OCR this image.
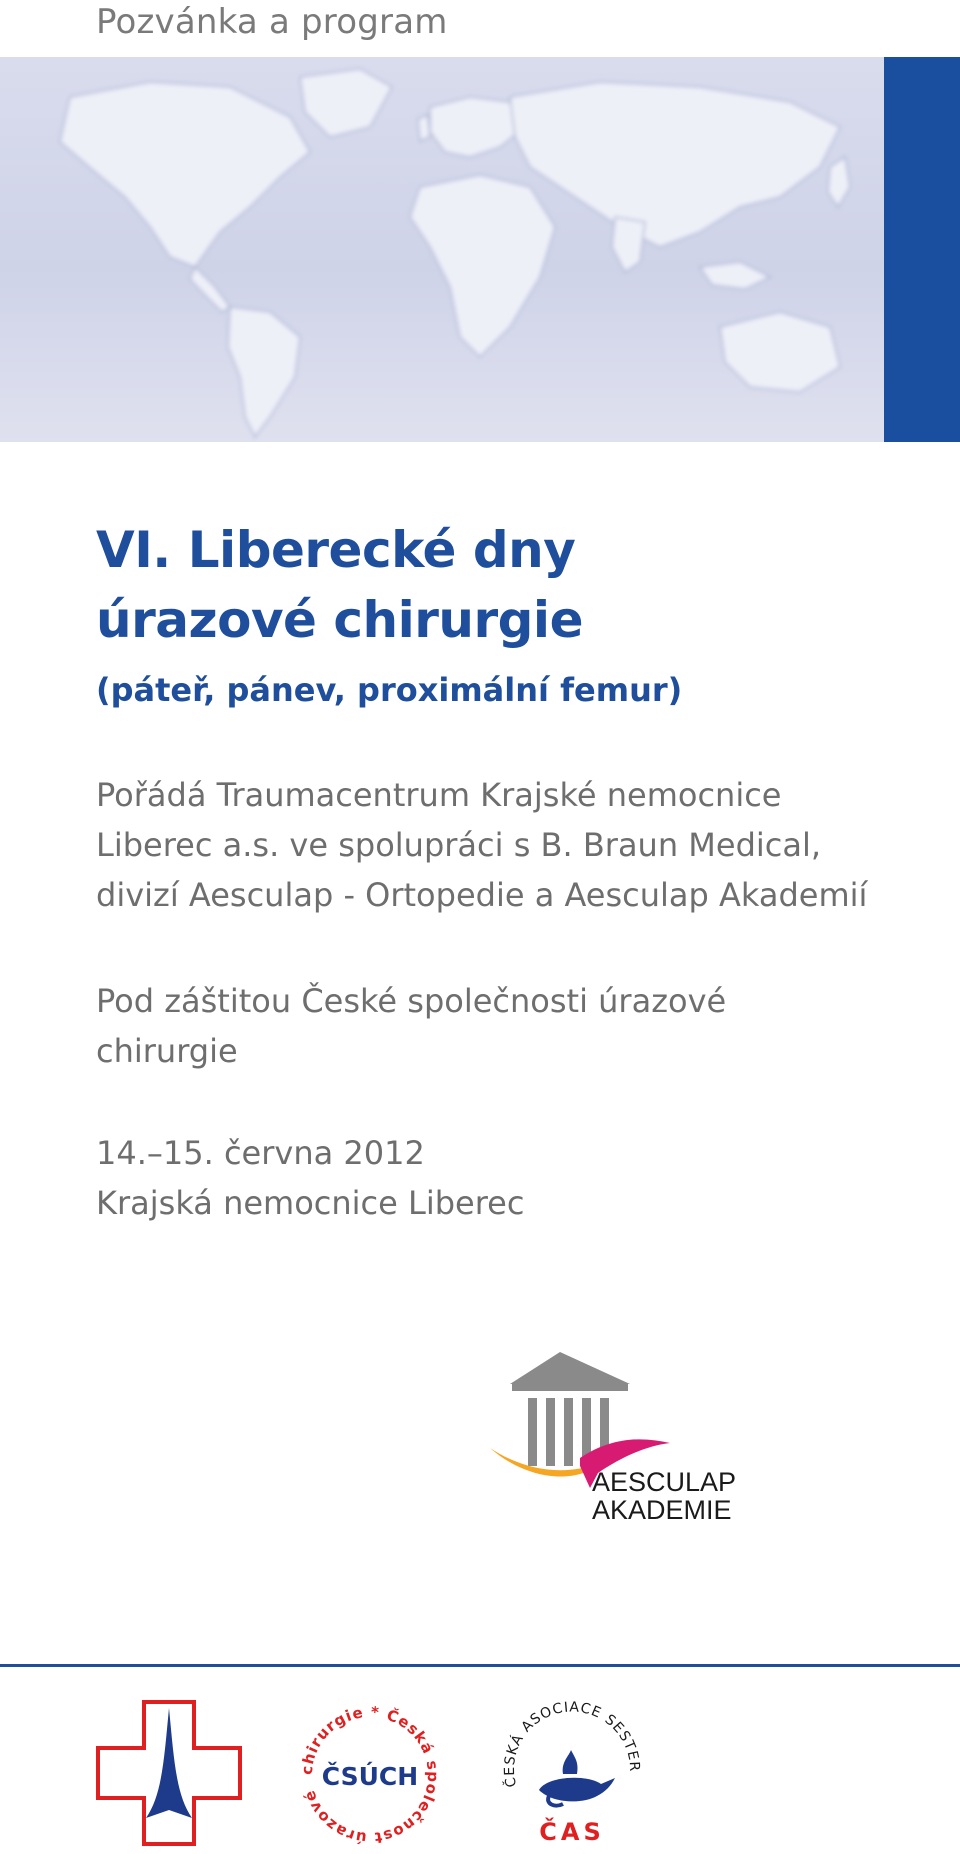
Pozvánka a program
VI. Liberecké dny
úrazové chirurgie
(páteř, pánev, proximální femur)
Pořádá Traumacentrum Krajské nemocnice
Liberec a.s. ve spolupráci s B. Braun Medical,
divizí Aesculap - Ortopedie a Aesculap Akademií
Pod záštitou České společnosti úrazové
chirurgie
14.–15. června 2012
Krajská nemocnice Liberec
AESCULAP
AKADEMIE
chirurgie * Česká společnost úrazové
ČSÚCH	ČESKÁ ASOCIACE SESTER
ČAS
